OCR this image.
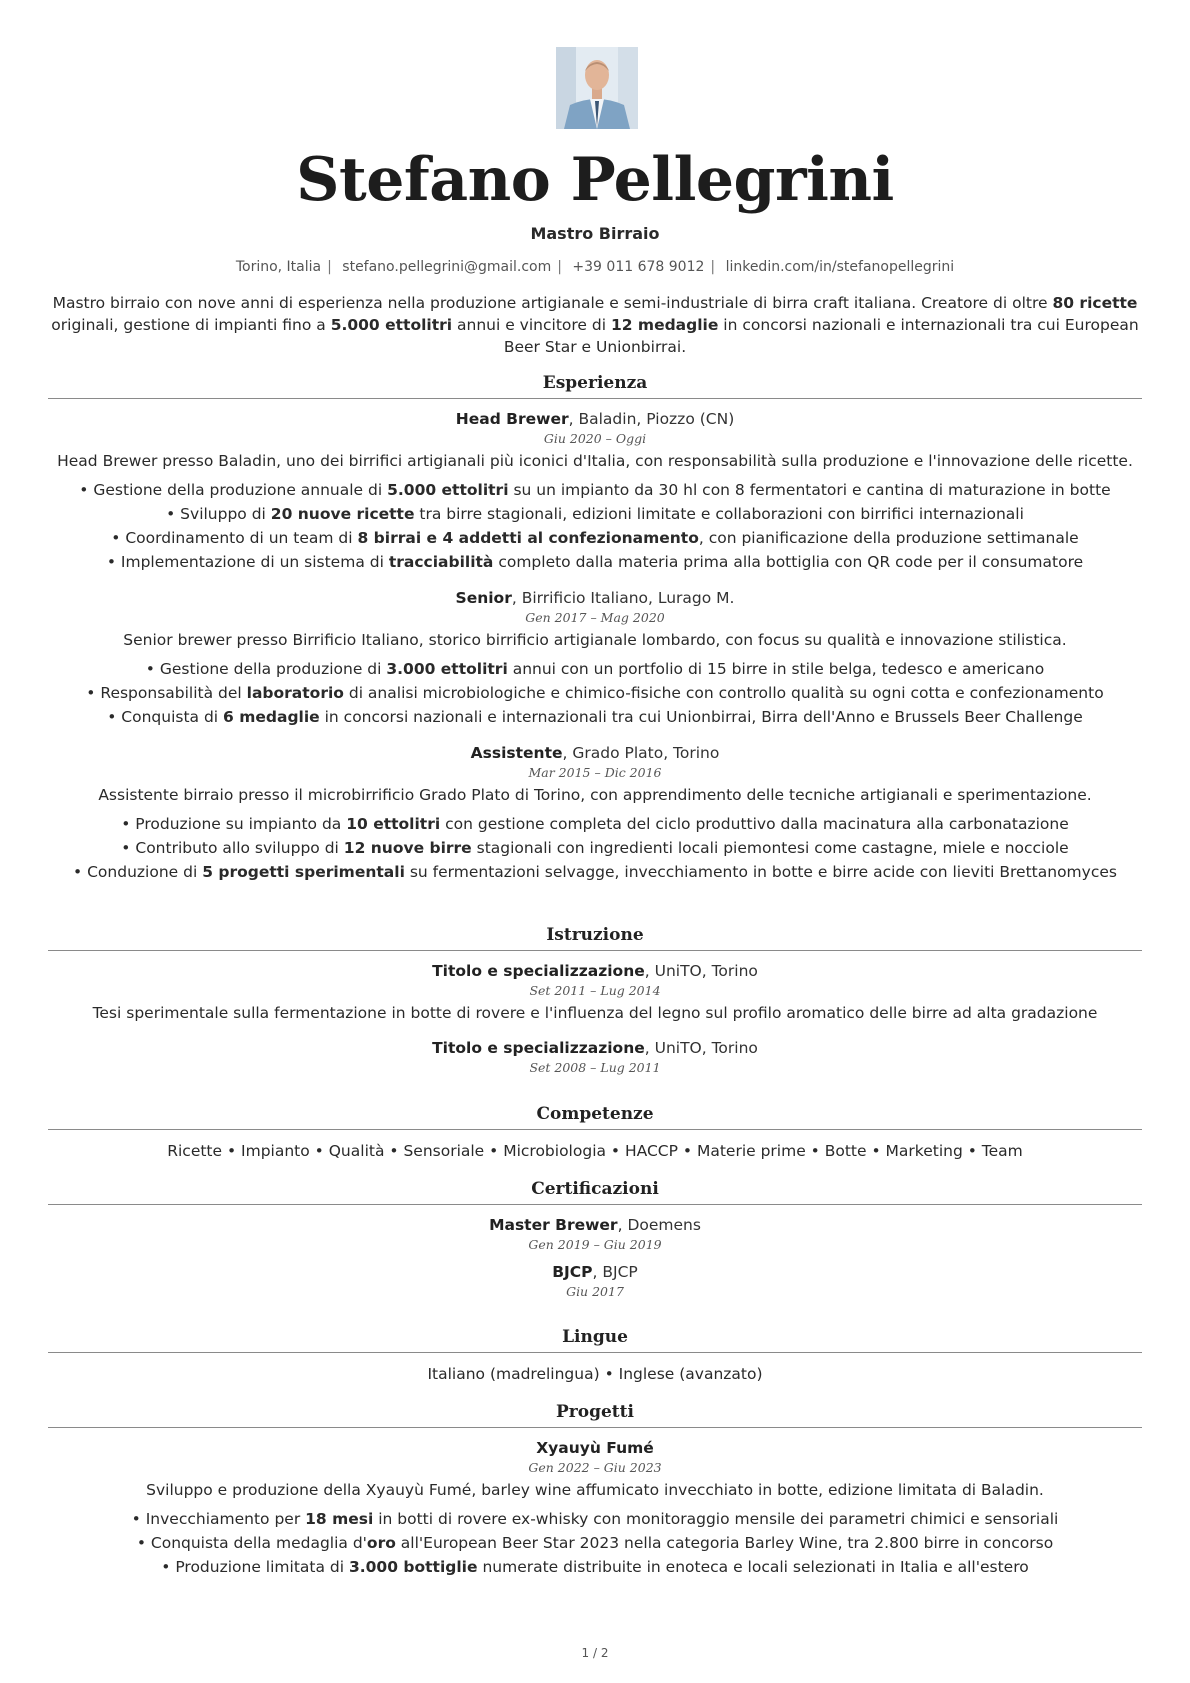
Stefano Pellegrini
Mastro Birraio
Torino, Italia | stefano.pellegrini@gmail.com | +39 011 678 9012 | linkedin.com/in/stefanopellegrini
Mastro birraio con nove anni di esperienza nella produzione artigianale e semi-industriale di birra craft italiana. Creatore di oltre 80 ricette originali, gestione di impianti fino a 5.000 ettolitri annui e vincitore di 12 medaglie in concorsi nazionali e internazionali tra cui European Beer Star e Unionbirrai.
Esperienza
Head Brewer, Baladin, Piozzo (CN)
Giu 2020 – Oggi
Head Brewer presso Baladin, uno dei birrifici artigianali più iconici d'Italia, con responsabilità sulla produzione e l'innovazione delle ricette.
• Gestione della produzione annuale di 5.000 ettolitri su un impianto da 30 hl con 8 fermentatori e cantina di maturazione in botte
• Sviluppo di 20 nuove ricette tra birre stagionali, edizioni limitate e collaborazioni con birrifici internazionali
• Coordinamento di un team di 8 birrai e 4 addetti al confezionamento, con pianificazione della produzione settimanale
• Implementazione di un sistema di tracciabilità completo dalla materia prima alla bottiglia con QR code per il consumatore
Senior, Birrificio Italiano, Lurago M.
Gen 2017 – Mag 2020
Senior brewer presso Birrificio Italiano, storico birrificio artigianale lombardo, con focus su qualità e innovazione stilistica.
• Gestione della produzione di 3.000 ettolitri annui con un portfolio di 15 birre in stile belga, tedesco e americano
• Responsabilità del laboratorio di analisi microbiologiche e chimico-fisiche con controllo qualità su ogni cotta e confezionamento
• Conquista di 6 medaglie in concorsi nazionali e internazionali tra cui Unionbirrai, Birra dell'Anno e Brussels Beer Challenge
Assistente, Grado Plato, Torino
Mar 2015 – Dic 2016
Assistente birraio presso il microbirrificio Grado Plato di Torino, con apprendimento delle tecniche artigianali e sperimentazione.
• Produzione su impianto da 10 ettolitri con gestione completa del ciclo produttivo dalla macinatura alla carbonatazione
• Contributo allo sviluppo di 12 nuove birre stagionali con ingredienti locali piemontesi come castagne, miele e nocciole
• Conduzione di 5 progetti sperimentali su fermentazioni selvagge, invecchiamento in botte e birre acide con lieviti Brettanomyces
Istruzione
Titolo e specializzazione, UniTO, Torino
Set 2011 – Lug 2014
Tesi sperimentale sulla fermentazione in botte di rovere e l'influenza del legno sul profilo aromatico delle birre ad alta gradazione
Titolo e specializzazione, UniTO, Torino
Set 2008 – Lug 2011
Competenze
Ricette • Impianto • Qualità • Sensoriale • Microbiologia • HACCP • Materie prime • Botte • Marketing • Team
Certificazioni
Master Brewer, Doemens
Gen 2019 – Giu 2019
BJCP, BJCP
Giu 2017
Lingue
Italiano (madrelingua) • Inglese (avanzato)
Progetti
Xyauyù Fumé
Gen 2022 – Giu 2023
Sviluppo e produzione della Xyauyù Fumé, barley wine affumicato invecchiato in botte, edizione limitata di Baladin.
• Invecchiamento per 18 mesi in botti di rovere ex-whisky con monitoraggio mensile dei parametri chimici e sensoriali
• Conquista della medaglia d'oro all'European Beer Star 2023 nella categoria Barley Wine, tra 2.800 birre in concorso
• Produzione limitata di 3.000 bottiglie numerate distribuite in enoteca e locali selezionati in Italia e all'estero
1 / 2
